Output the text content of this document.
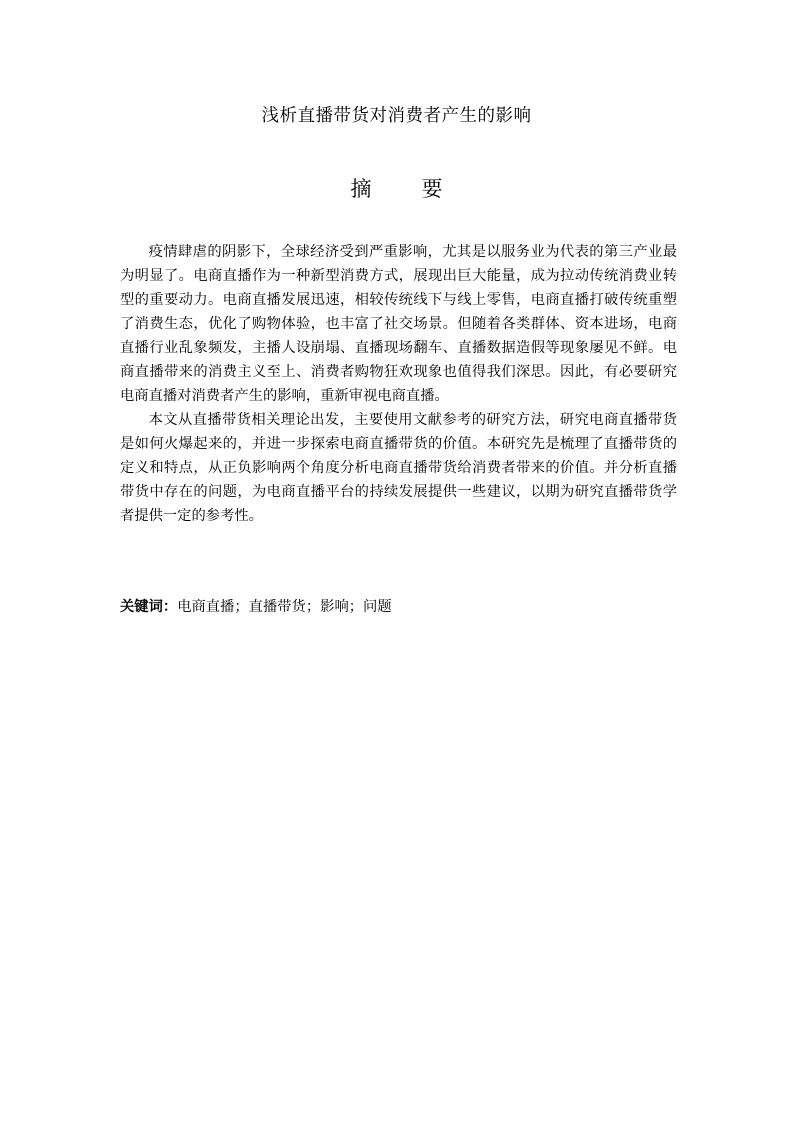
浅析直播带货对消费者产生的影响
摘 要

疫情肆虐的阴影下，全球经济受到严重影响，尤其是以服务业为代表的第三产业最为明显了。电商直播作为一种新型消费方式，展现出巨大能量，成为拉动传统消费业转型的重要动力。电商直播发展迅速，相较传统线下与线上零售，电商直播打破传统重塑了消费生态，优化了购物体验，也丰富了社交场景。但随着各类群体、资本进场，电商直播行业乱象频发，主播人设崩塌、直播现场翻车、直播数据造假等现象屡见不鲜。电商直播带来的消费主义至上、消费者购物狂欢现象也值得我们深思。因此，有必要研究电商直播对消费者产生的影响，重新审视电商直播。

本文从直播带货相关理论出发，主要使用文献参考的研究方法，研究电商直播带货是如何火爆起来的，并进一步探索电商直播带货的价值。本研究先是梳理了直播带货的定义和特点，从正负影响两个角度分析电商直播带货给消费者带来的价值。并分析直播带货中存在的问题，为电商直播平台的持续发展提供一些建议，以期为研究直播带货学者提供一定的参考性。

关键词：电商直播；直播带货；影响；问题
